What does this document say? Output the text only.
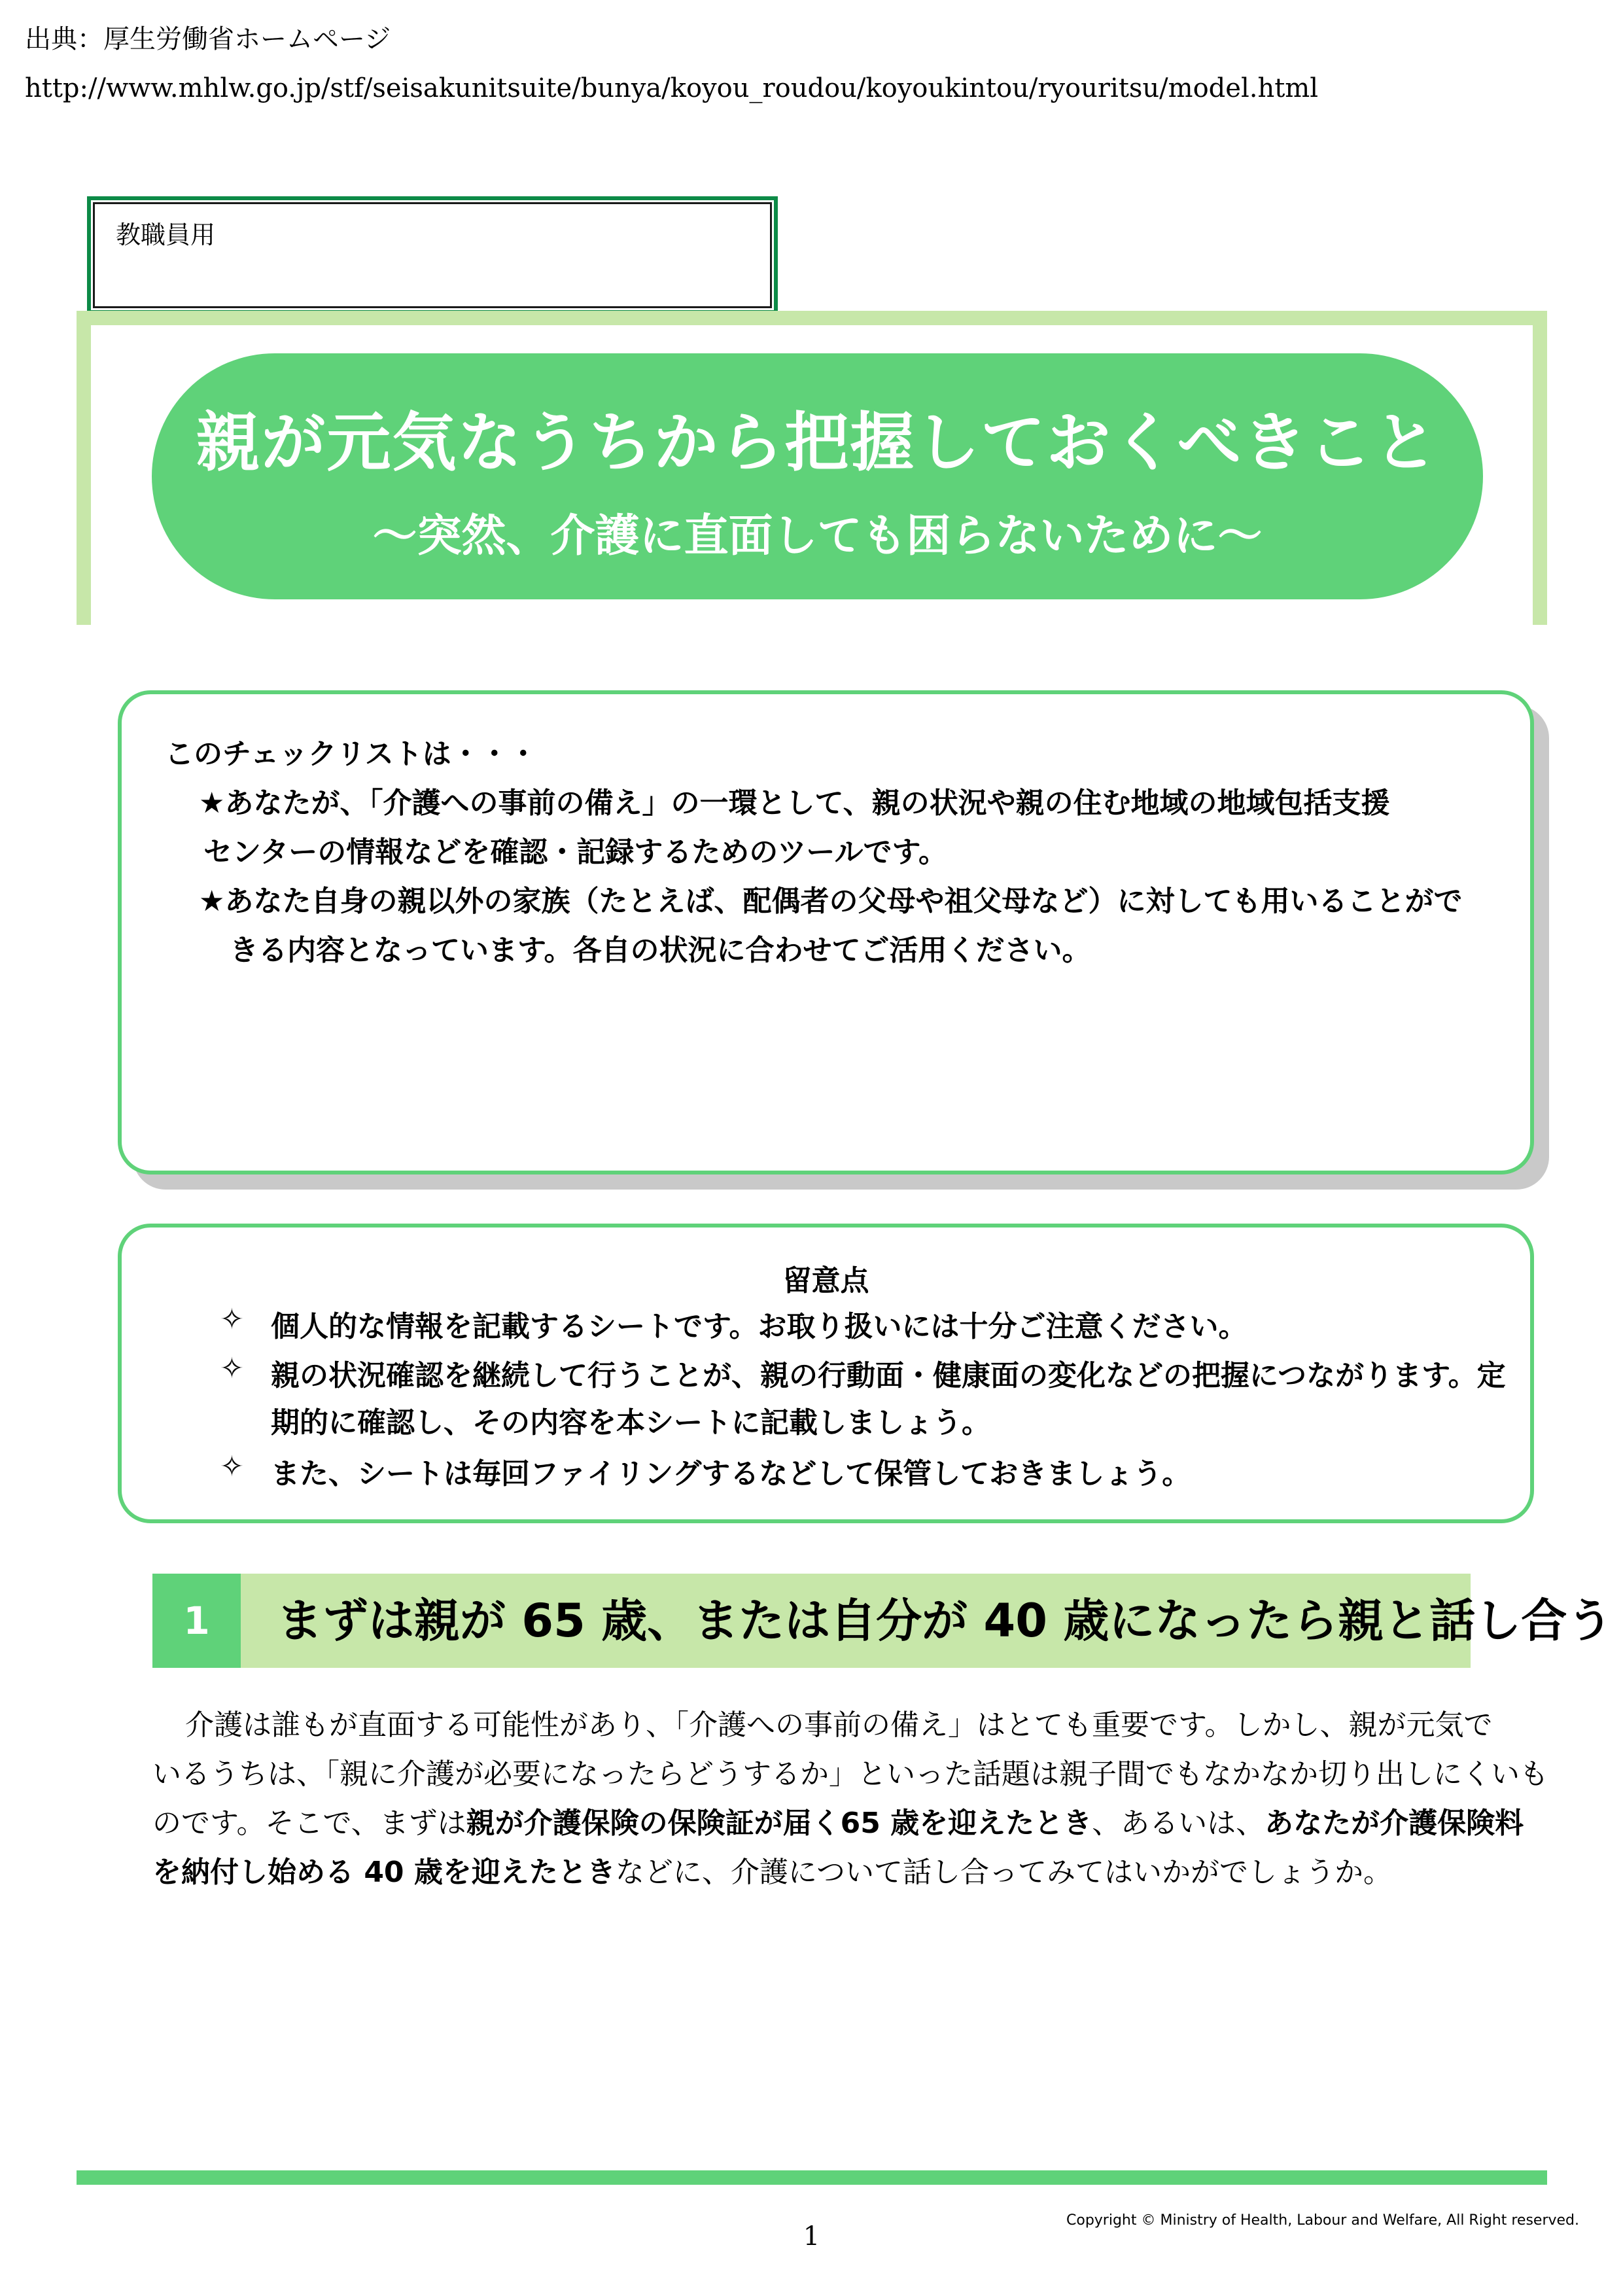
出典：厚生労働省ホームページ
http://www.mhlw.go.jp/stf/seisakunitsuite/bunya/koyou_roudou/koyoukintou/ryouritsu/model.html
教職員用
親が元気なうちから把握しておくべきこと
～突然、介護に直面しても困らないために～
このチェックリストは・・・
★あなたが、「介護への事前の備え」の一環として、親の状況や親の住む地域の地域包括支援
センターの情報などを確認・記録するためのツールです。
★あなた自身の親以外の家族（たとえば、配偶者の父母や祖父母など）に対しても用いることがで
きる内容となっています。各自の状況に合わせてご活用ください。
留意点
✧ 個人的な情報を記載するシートです。お取り扱いには十分ご注意ください。
✧ 親の状況確認を継続して行うことが、親の行動面・健康面の変化などの把握につながります。定
期的に確認し、その内容を本シートに記載しましょう。
✧ また、シートは毎回ファイリングするなどして保管しておきましょう。
1	まずは親が 65 歳、または自分が 40 歳になったら親と話し合う
介護は誰もが直面する可能性があり、「介護への事前の備え」はとても重要です。しかし、親が元気で
いるうちは、「親に介護が必要になったらどうするか」といった話題は親子間でもなかなか切り出しにくいも
のです。そこで、まずは親が介護保険の保険証が届く65 歳を迎えたとき、あるいは、あなたが介護保険料
を納付し始める 40 歳を迎えたときなどに、介護について話し合ってみてはいかがでしょうか。
1
Copyright © Ministry of Health, Labour and Welfare, All Right reserved.
